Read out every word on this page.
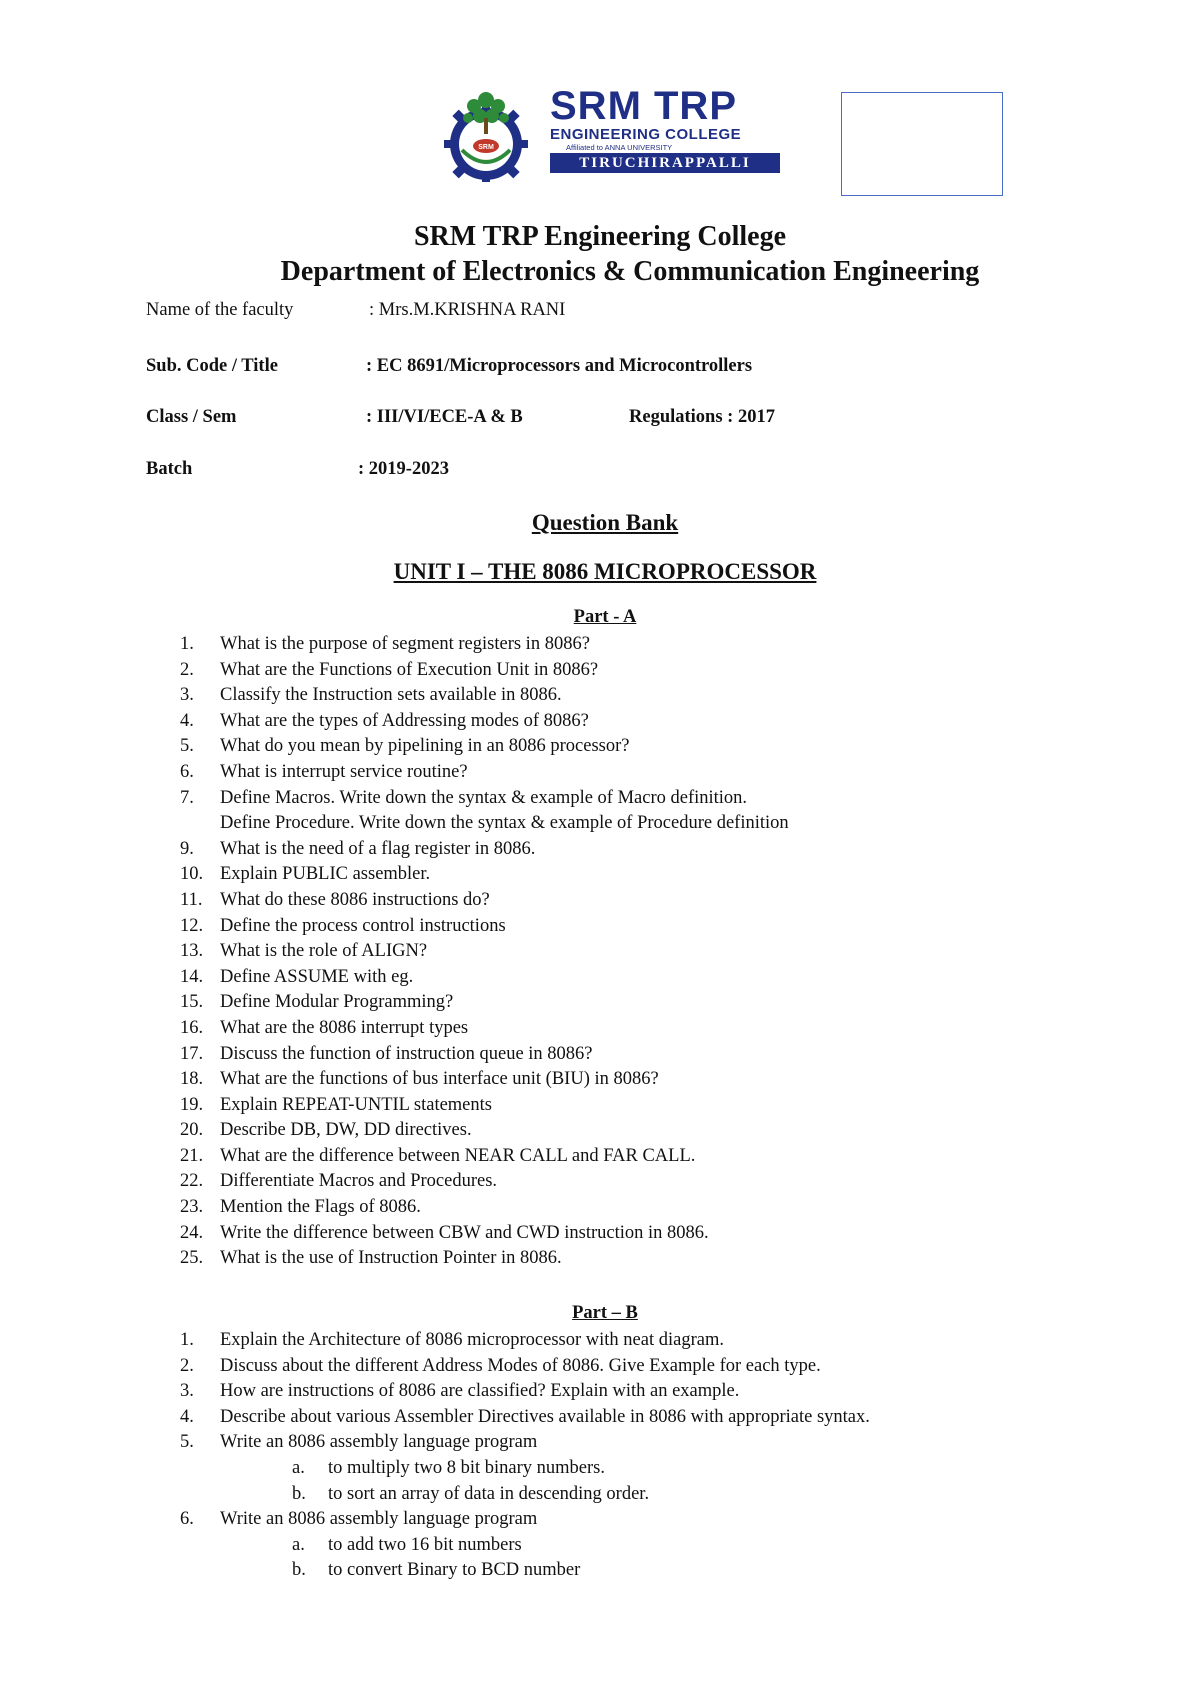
SRM
SRM TRP
ENGINEERING COLLEGE
Affiliated to ANNA UNIVERSITY
TIRUCHIRAPPALLI
SRM TRP Engineering College
Department of Electronics & Communication Engineering
Name of the faculty	: Mrs.M.KRISHNA RANI
Sub. Code / Title	: EC 8691/Microprocessors and Microcontrollers
Class / Sem	: III/VI/ECE-A & B	Regulations : 2017
Batch	: 2019-2023
Question Bank
UNIT I – THE 8086 MICROPROCESSOR
Part - A
1.	What is the purpose of segment registers in 8086?
2.	What are the Functions of Execution Unit in 8086?
3.	Classify the Instruction sets available in 8086.
4.	What are the types of Addressing modes of 8086?
5.	What do you mean by pipelining in an 8086 processor?
6.	What is interrupt service routine?
7.	Define Macros. Write down the syntax & example of Macro definition.
Define Procedure. Write down the syntax & example of Procedure definition
9.	What is the need of a flag register in 8086.
10. Explain PUBLIC assembler.
11. What do these 8086 instructions do?
12. Define the process control instructions
13. What is the role of ALIGN?
14. Define ASSUME with eg.
15. Define Modular Programming?
16. What are the 8086 interrupt types
17. Discuss the function of instruction queue in 8086?
18. What are the functions of bus interface unit (BIU) in 8086?
19. Explain REPEAT-UNTIL statements
20. Describe DB, DW, DD directives.
21. What are the difference between NEAR CALL and FAR CALL.
22. Differentiate Macros and Procedures.
23. Mention the Flags of 8086.
24. Write the difference between CBW and CWD instruction in 8086.
25. What is the use of Instruction Pointer in 8086.
Part – B
1.	Explain the Architecture of 8086 microprocessor with neat diagram.
2.	Discuss about the different Address Modes of 8086. Give Example for each type.
3.	How are instructions of 8086 are classified? Explain with an example.
4.	Describe about various Assembler Directives available in 8086 with appropriate syntax.
5.	Write an 8086 assembly language program
a. to multiply two 8 bit binary numbers.
b. to sort an array of data in descending order.
6.	Write an 8086 assembly language program
a. to add two 16 bit numbers
b. to convert Binary to BCD number
